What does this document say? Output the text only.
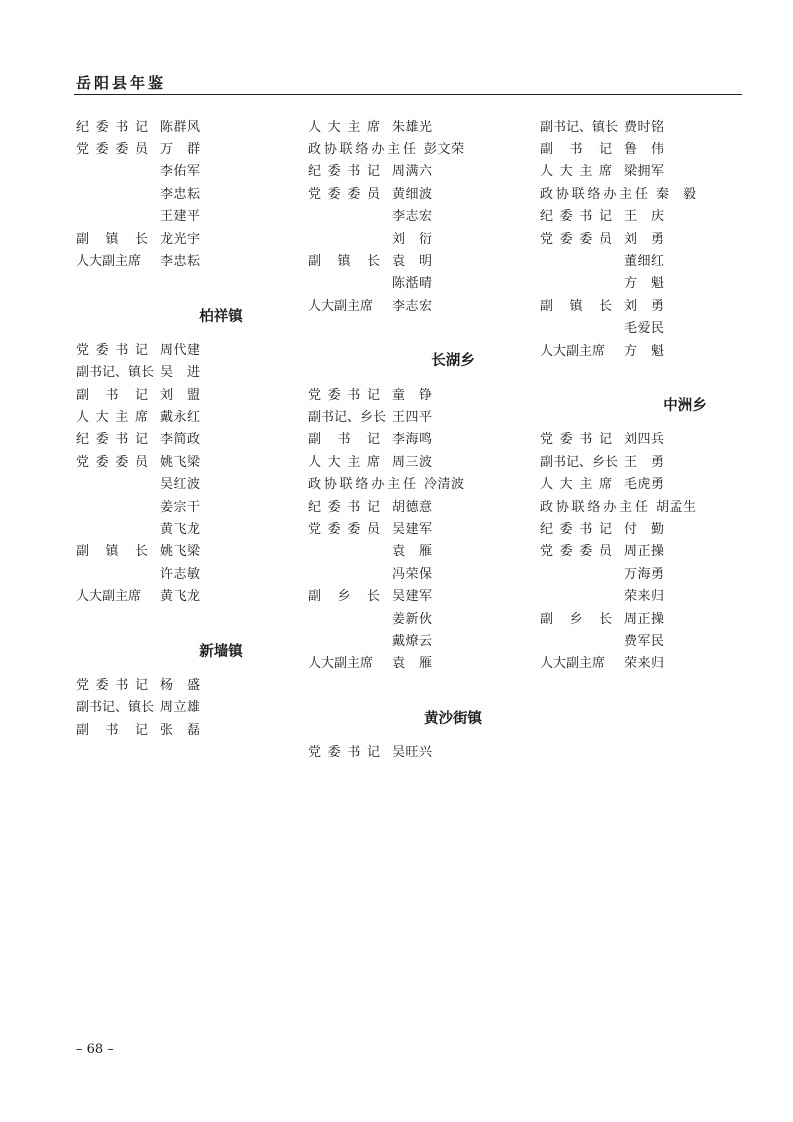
岳阳县年鉴
纪委书记 陈群风
党委委员 万　群
李佑军
李忠耘
王建平
副镇长 龙光宇
人大副主席	李忠耘
柏祥镇
党委书记 周代建
副书记、镇长 吴　进
副书记 刘　盟
人大主席 戴永红
纪委书记 李简政
党委委员 姚飞梁
吴红波
姜宗干
黄飞龙
副镇长 姚飞梁
许志敏
人大副主席	黄飞龙
新墙镇
党委书记 杨　盛
副书记、镇长 周立雄
副书记 张　磊
人大主席 朱雄光
政协联络办主任 彭文荣
纪委书记 周满六
党委委员 黄细波
李志宏
刘　衍
副镇长 袁　明
陈湉晴
人大副主席	李志宏
长湖乡
党委书记 童　铮
副书记、乡长 王四平
副书记 李海鸣
人大主席 周三波
政协联络办主任 冷清波
纪委书记 胡德意
党委委员 吴建军
袁　雁
冯荣保
副乡长 吴建军
姜新伙
戴燎云
人大副主席	袁　雁
黄沙街镇
党委书记 吴旺兴
副书记、镇长 费时铭
副书记 鲁　伟
人大主席 梁拥军
政协联络办主任 秦　毅
纪委书记 王　庆
党委委员 刘　勇
董细红
方　魁
副镇长 刘　勇
毛爱民
人大副主席	方　魁
中洲乡
党委书记 刘四兵
副书记、乡长 王　勇
人大主席 毛虎勇
政协联络办主任 胡孟生
纪委书记 付　勤
党委委员 周正操
万海勇
荣来归
副乡长 周正操
费军民
人大副主席	荣来归
– 68 –
